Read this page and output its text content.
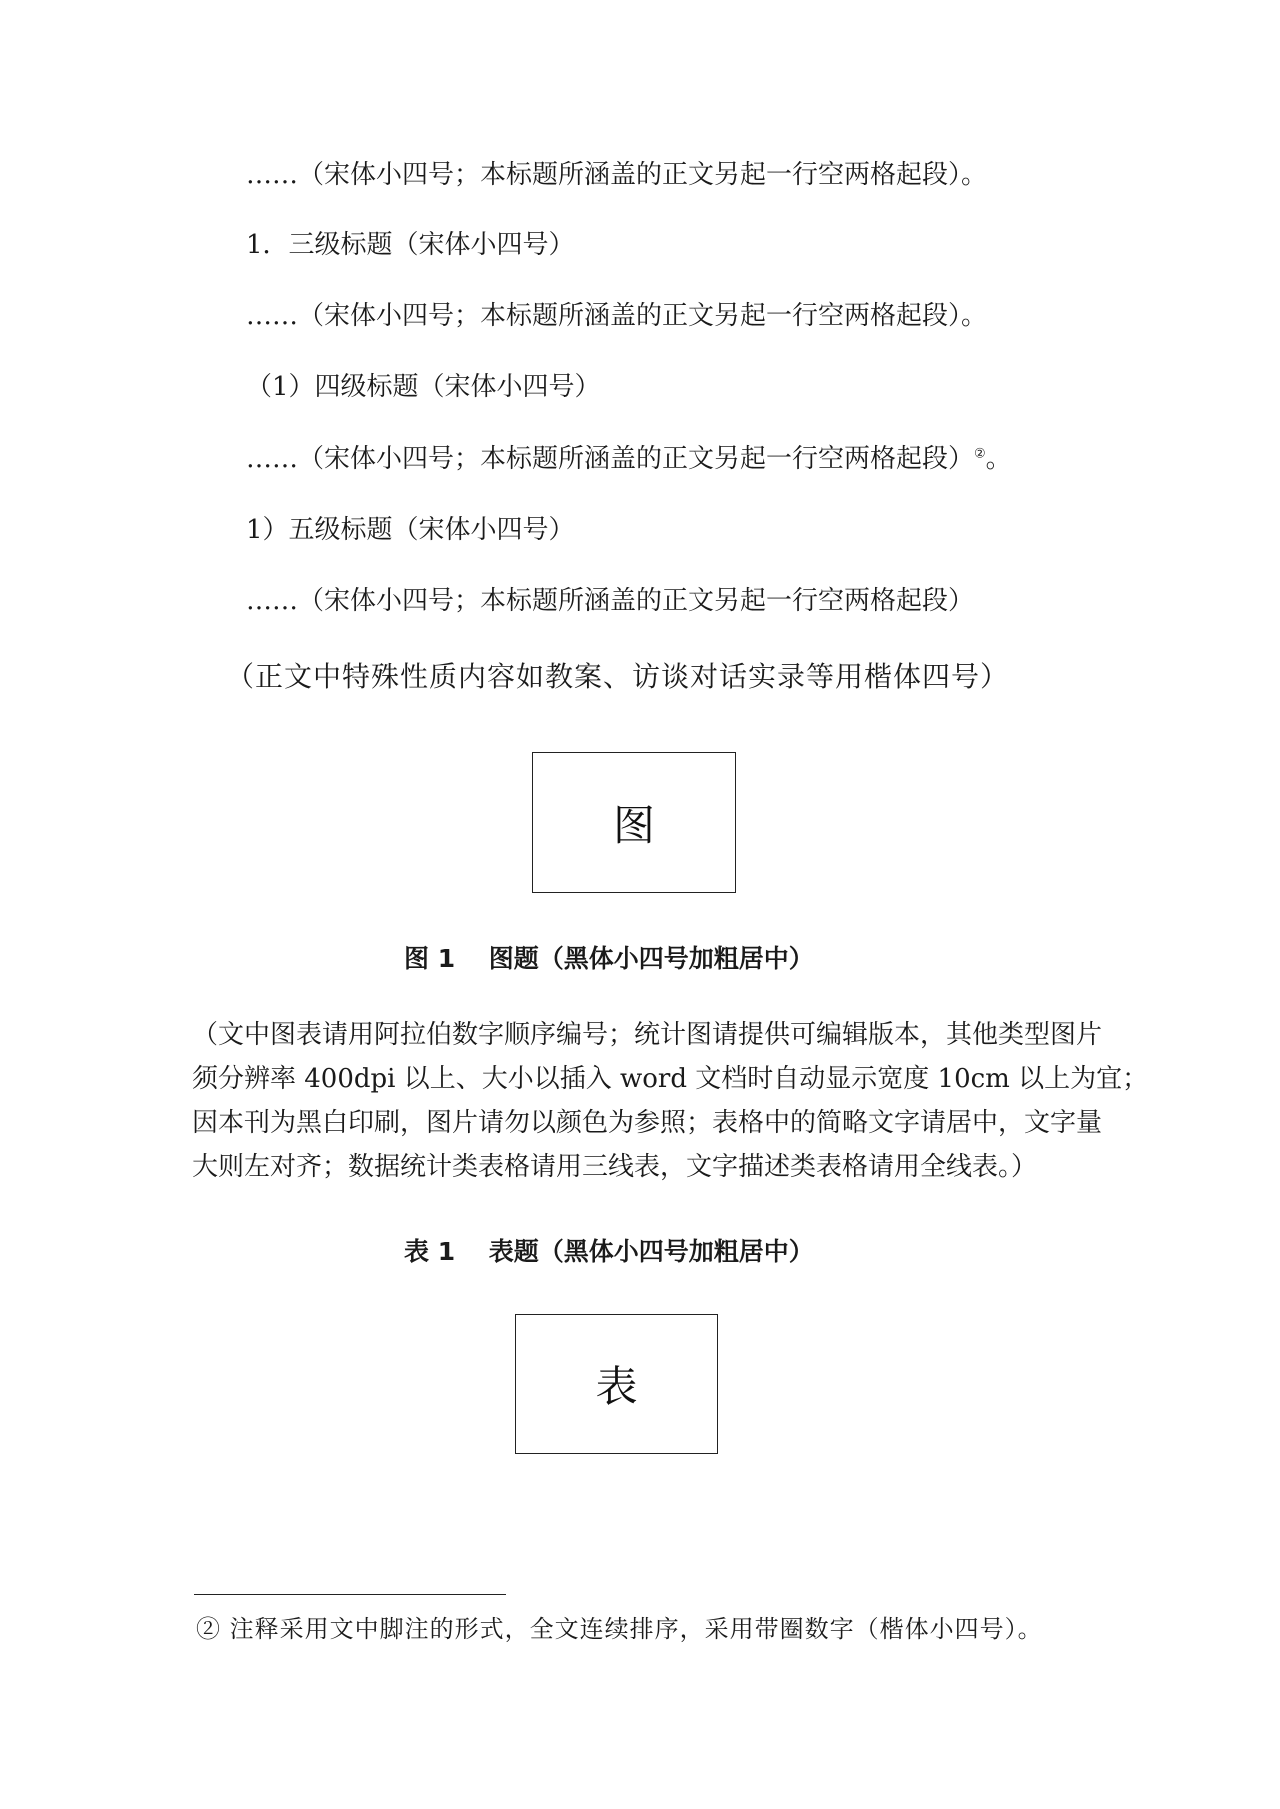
……（宋体小四号；本标题所涵盖的正文另起一行空两格起段）。
1．三级标题（宋体小四号）
……（宋体小四号；本标题所涵盖的正文另起一行空两格起段）。
（1）四级标题（宋体小四号）
……（宋体小四号；本标题所涵盖的正文另起一行空两格起段）②。
1）五级标题（宋体小四号）
……（宋体小四号；本标题所涵盖的正文另起一行空两格起段）
（正文中特殊性质内容如教案、访谈对话实录等用楷体四号）
图
图 1　 图题（黑体小四号加粗居中）
（文中图表请用阿拉伯数字顺序编号；统计图请提供可编辑版本，其他类型图片
须分辨率 400dpi 以上、大小以插入 word 文档时自动显示宽度 10cm 以上为宜；
因本刊为黑白印刷，图片请勿以颜色为参照；表格中的简略文字请居中，文字量
大则左对齐；数据统计类表格请用三线表，文字描述类表格请用全线表。）
表 1　 表题（黑体小四号加粗居中）
表
② 注释采用文中脚注的形式，全文连续排序，采用带圈数字（楷体小四号）。
